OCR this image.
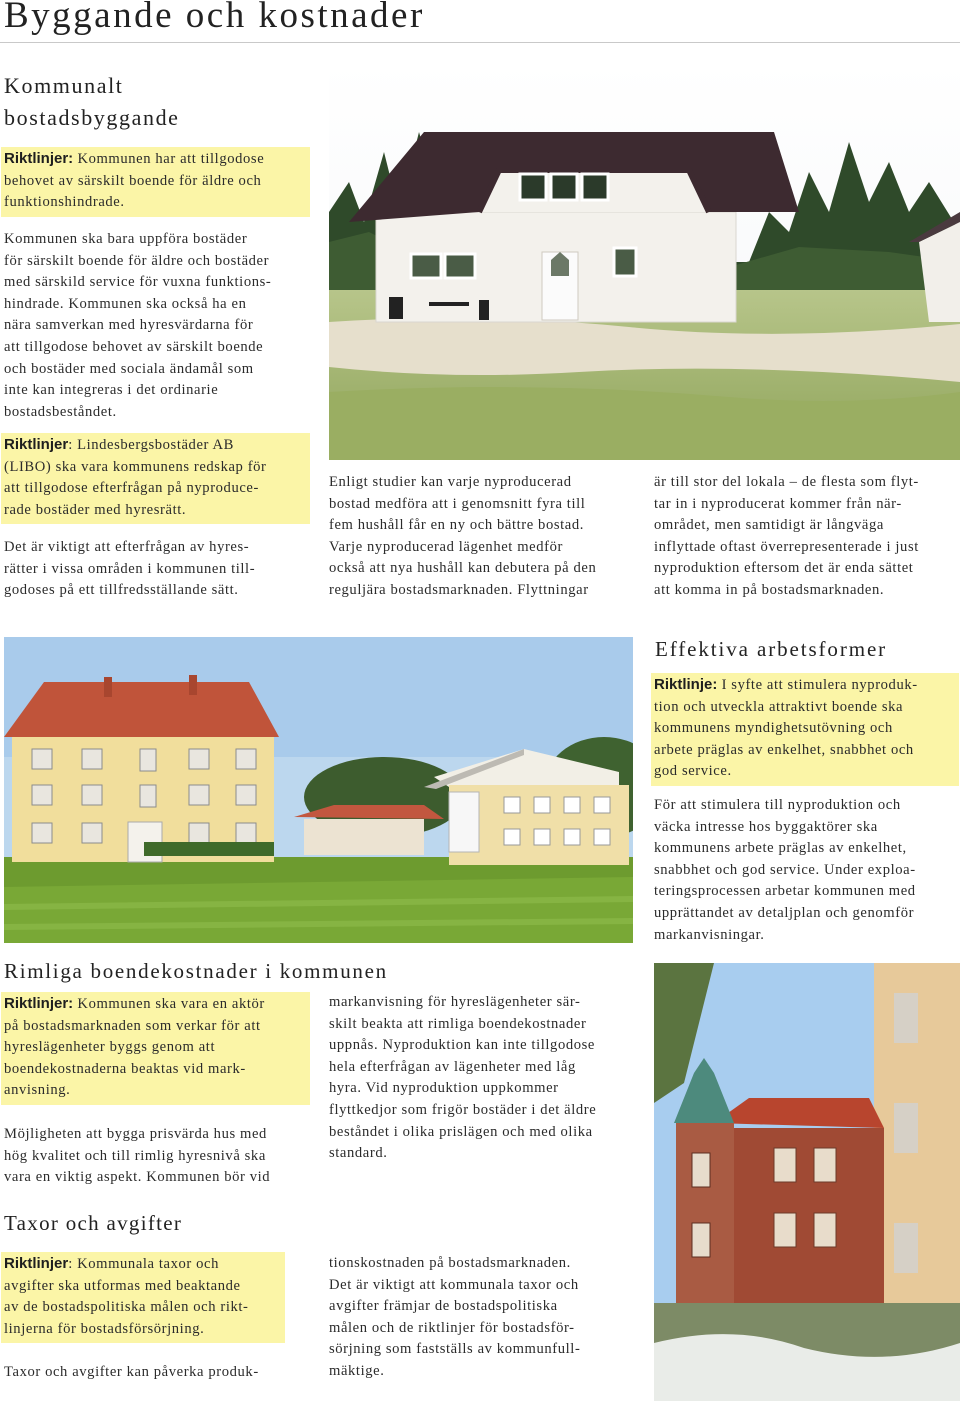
Byggande och kostnader
Kommunalt
bostadsbyggande
Riktlinjer: Kommunen har att tillgodose
behovet av särskilt boende för äldre och
funktionshindrade.

Kommunen ska bara uppföra bostäder
för särskilt boende för äldre och bostäder
med särskild service för vuxna funktions-
hindrade. Kommunen ska också ha en
nära samverkan med hyresvärdarna för
att tillgodose behovet av särskilt boende
och bostäder med sociala ändamål som
inte kan integreras i det ordinarie
bostadsbeståndet.

Riktlinjer: Lindesbergsbostäder AB
(LIBO) ska vara kommunens redskap för
att tillgodose efterfrågan på nyproduce-
rade bostäder med hyresrätt.

Det är viktigt att efterfrågan av hyres-
rätter i vissa områden i kommunen till-
godoses på ett tillfredsställande sätt.

Enligt studier kan varje nyproducerad
bostad medföra att i genomsnitt fyra till
fem hushåll får en ny och bättre bostad.
Varje nyproducerad lägenhet medför
också att nya hushåll kan debutera på den
reguljära bostadsmarknaden. Flyttningar

är till stor del lokala – de flesta som flyt-
tar in i nyproducerat kommer från när-
området, men samtidigt är långväga
inflyttade oftast överrepresenterade i just
nyproduktion eftersom det är enda sättet
att komma in på bostadsmarknaden.

Effektiva arbetsformer
Riktlinje: I syfte att stimulera nyproduk-
tion och utveckla attraktivt boende ska
kommunens myndighetsutövning och
arbete präglas av enkelhet, snabbhet och
god service.

För att stimulera till nyproduktion och
väcka intresse hos byggaktörer ska
kommunens arbete präglas av enkelhet,
snabbhet och god service. Under exploa-
teringsprocessen arbetar kommunen med
upprättandet av detaljplan och genomför
markanvisningar.

Rimliga boendekostnader i kommunen
Riktlinjer: Kommunen ska vara en aktör
på bostadsmarknaden som verkar för att
hyreslägenheter byggs genom att
boendekostnaderna beaktas vid mark-
anvisning.

Möjligheten att bygga prisvärda hus med
hög kvalitet och till rimlig hyresnivå ska
vara en viktig aspekt. Kommunen bör vid

markanvisning för hyreslägenheter sär-
skilt beakta att rimliga boendekostnader
uppnås. Nyproduktion kan inte tillgodose
hela efterfrågan av lägenheter med låg
hyra. Vid nyproduktion uppkommer
flyttkedjor som frigör bostäder i det äldre
beståndet i olika prislägen och med olika
standard.

Taxor och avgifter
Riktlinjer: Kommunala taxor och
avgifter ska utformas med beaktande
av de bostadspolitiska målen och rikt-
linjerna för bostadsförsörjning.

Taxor och avgifter kan påverka produk-

tionskostnaden på bostadsmarknaden.
Det är viktigt att kommunala taxor och
avgifter främjar de bostadspolitiska
målen och de riktlinjer för bostadsför-
sörjning som fastställs av kommunfull-
mäktige.
